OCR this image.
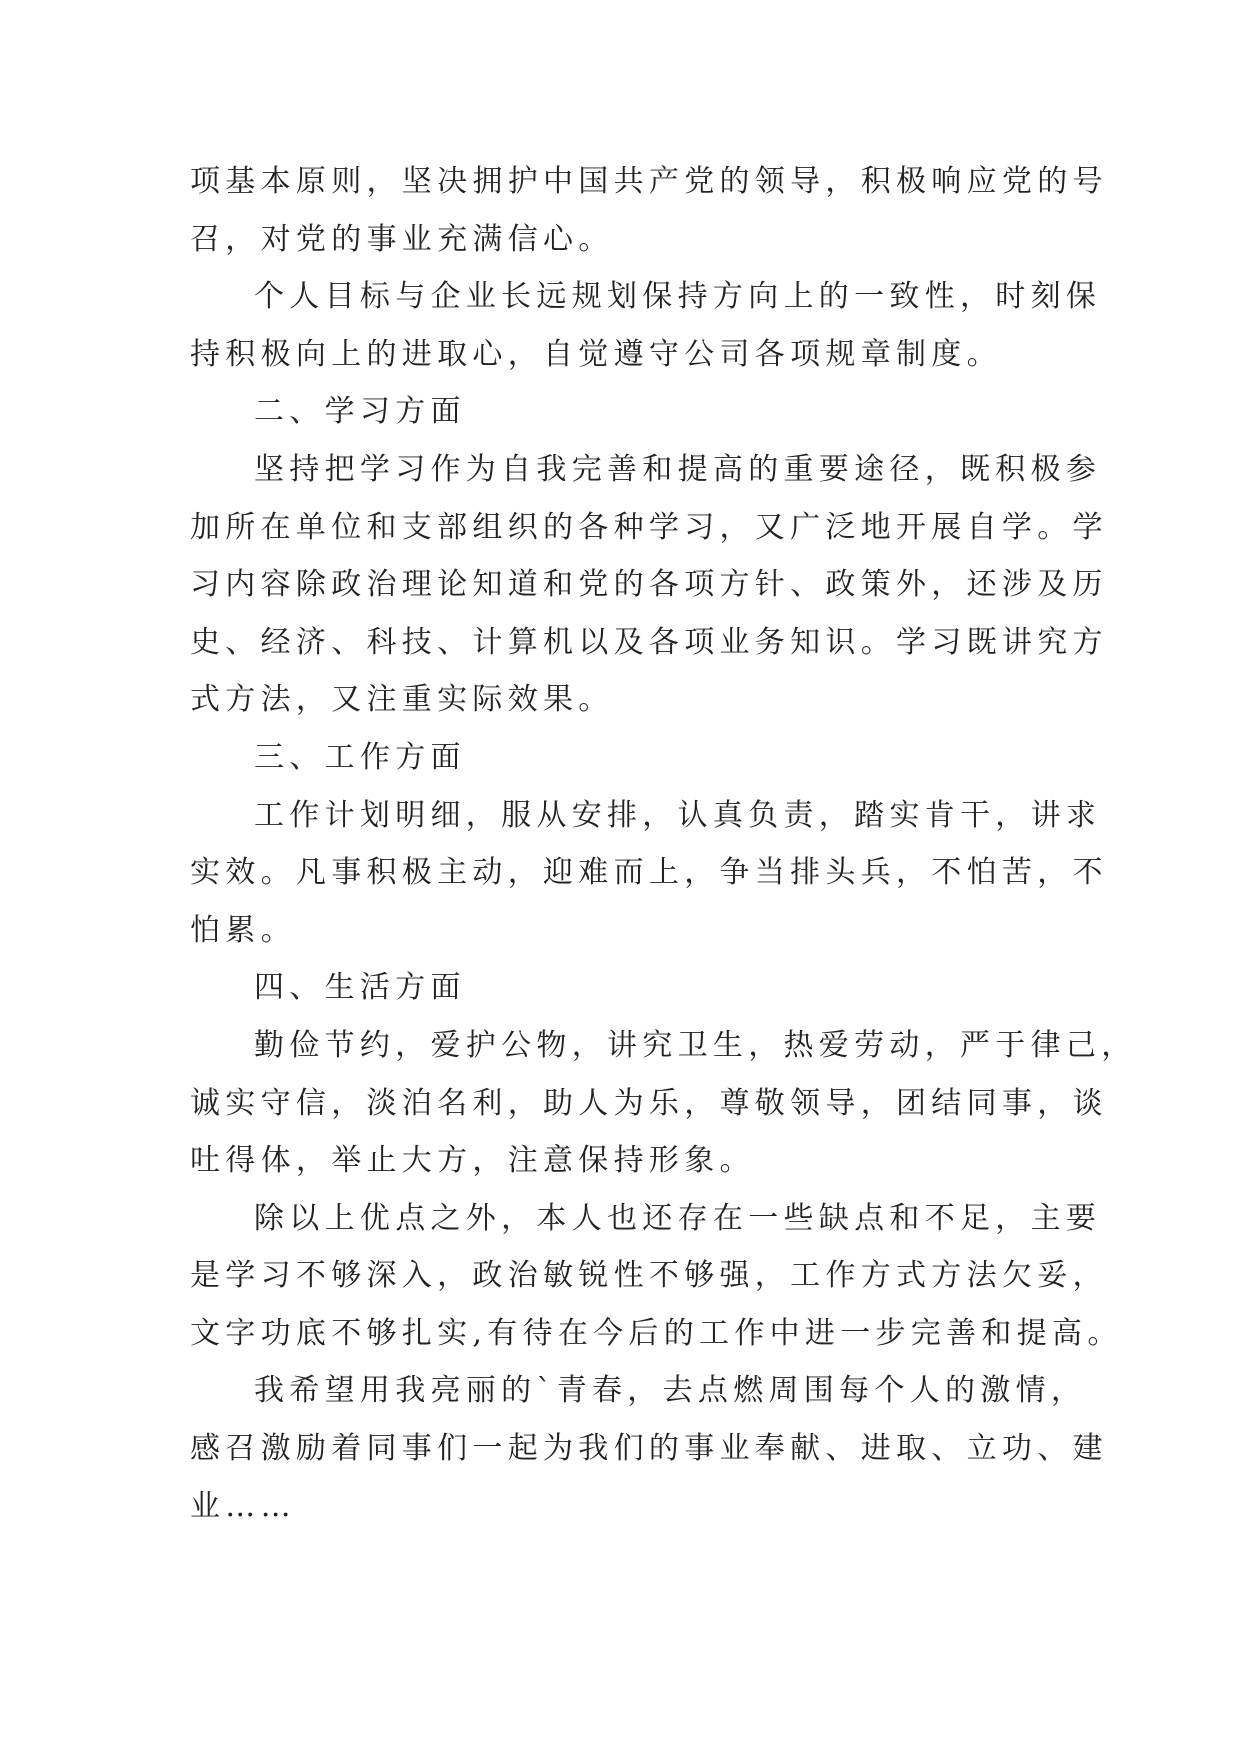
项基本原则，坚决拥护中国共产党的领导，积极响应党的号
召，对党的事业充满信心。
个人目标与企业长远规划保持方向上的一致性，时刻保
持积极向上的进取心，自觉遵守公司各项规章制度。
二、学习方面
坚持把学习作为自我完善和提高的重要途径，既积极参
加所在单位和支部组织的各种学习，又广泛地开展自学。学
习内容除政治理论知道和党的各项方针、政策外，还涉及历
史、经济、科技、计算机以及各项业务知识。学习既讲究方
式方法，又注重实际效果。
三、工作方面
工作计划明细，服从安排，认真负责，踏实肯干，讲求
实效。凡事积极主动，迎难而上，争当排头兵，不怕苦，不
怕累。
四、生活方面
勤俭节约，爱护公物，讲究卫生，热爱劳动，严于律己，
诚实守信，淡泊名利，助人为乐，尊敬领导，团结同事，谈
吐得体，举止大方，注意保持形象。
除以上优点之外，本人也还存在一些缺点和不足，主要
是学习不够深入，政治敏锐性不够强，工作方式方法欠妥，
文字功底不够扎实,有待在今后的工作中进一步完善和提高。
我希望用我亮丽的`青春，去点燃周围每个人的激情，
感召激励着同事们一起为我们的事业奉献、进取、立功、建
业……
